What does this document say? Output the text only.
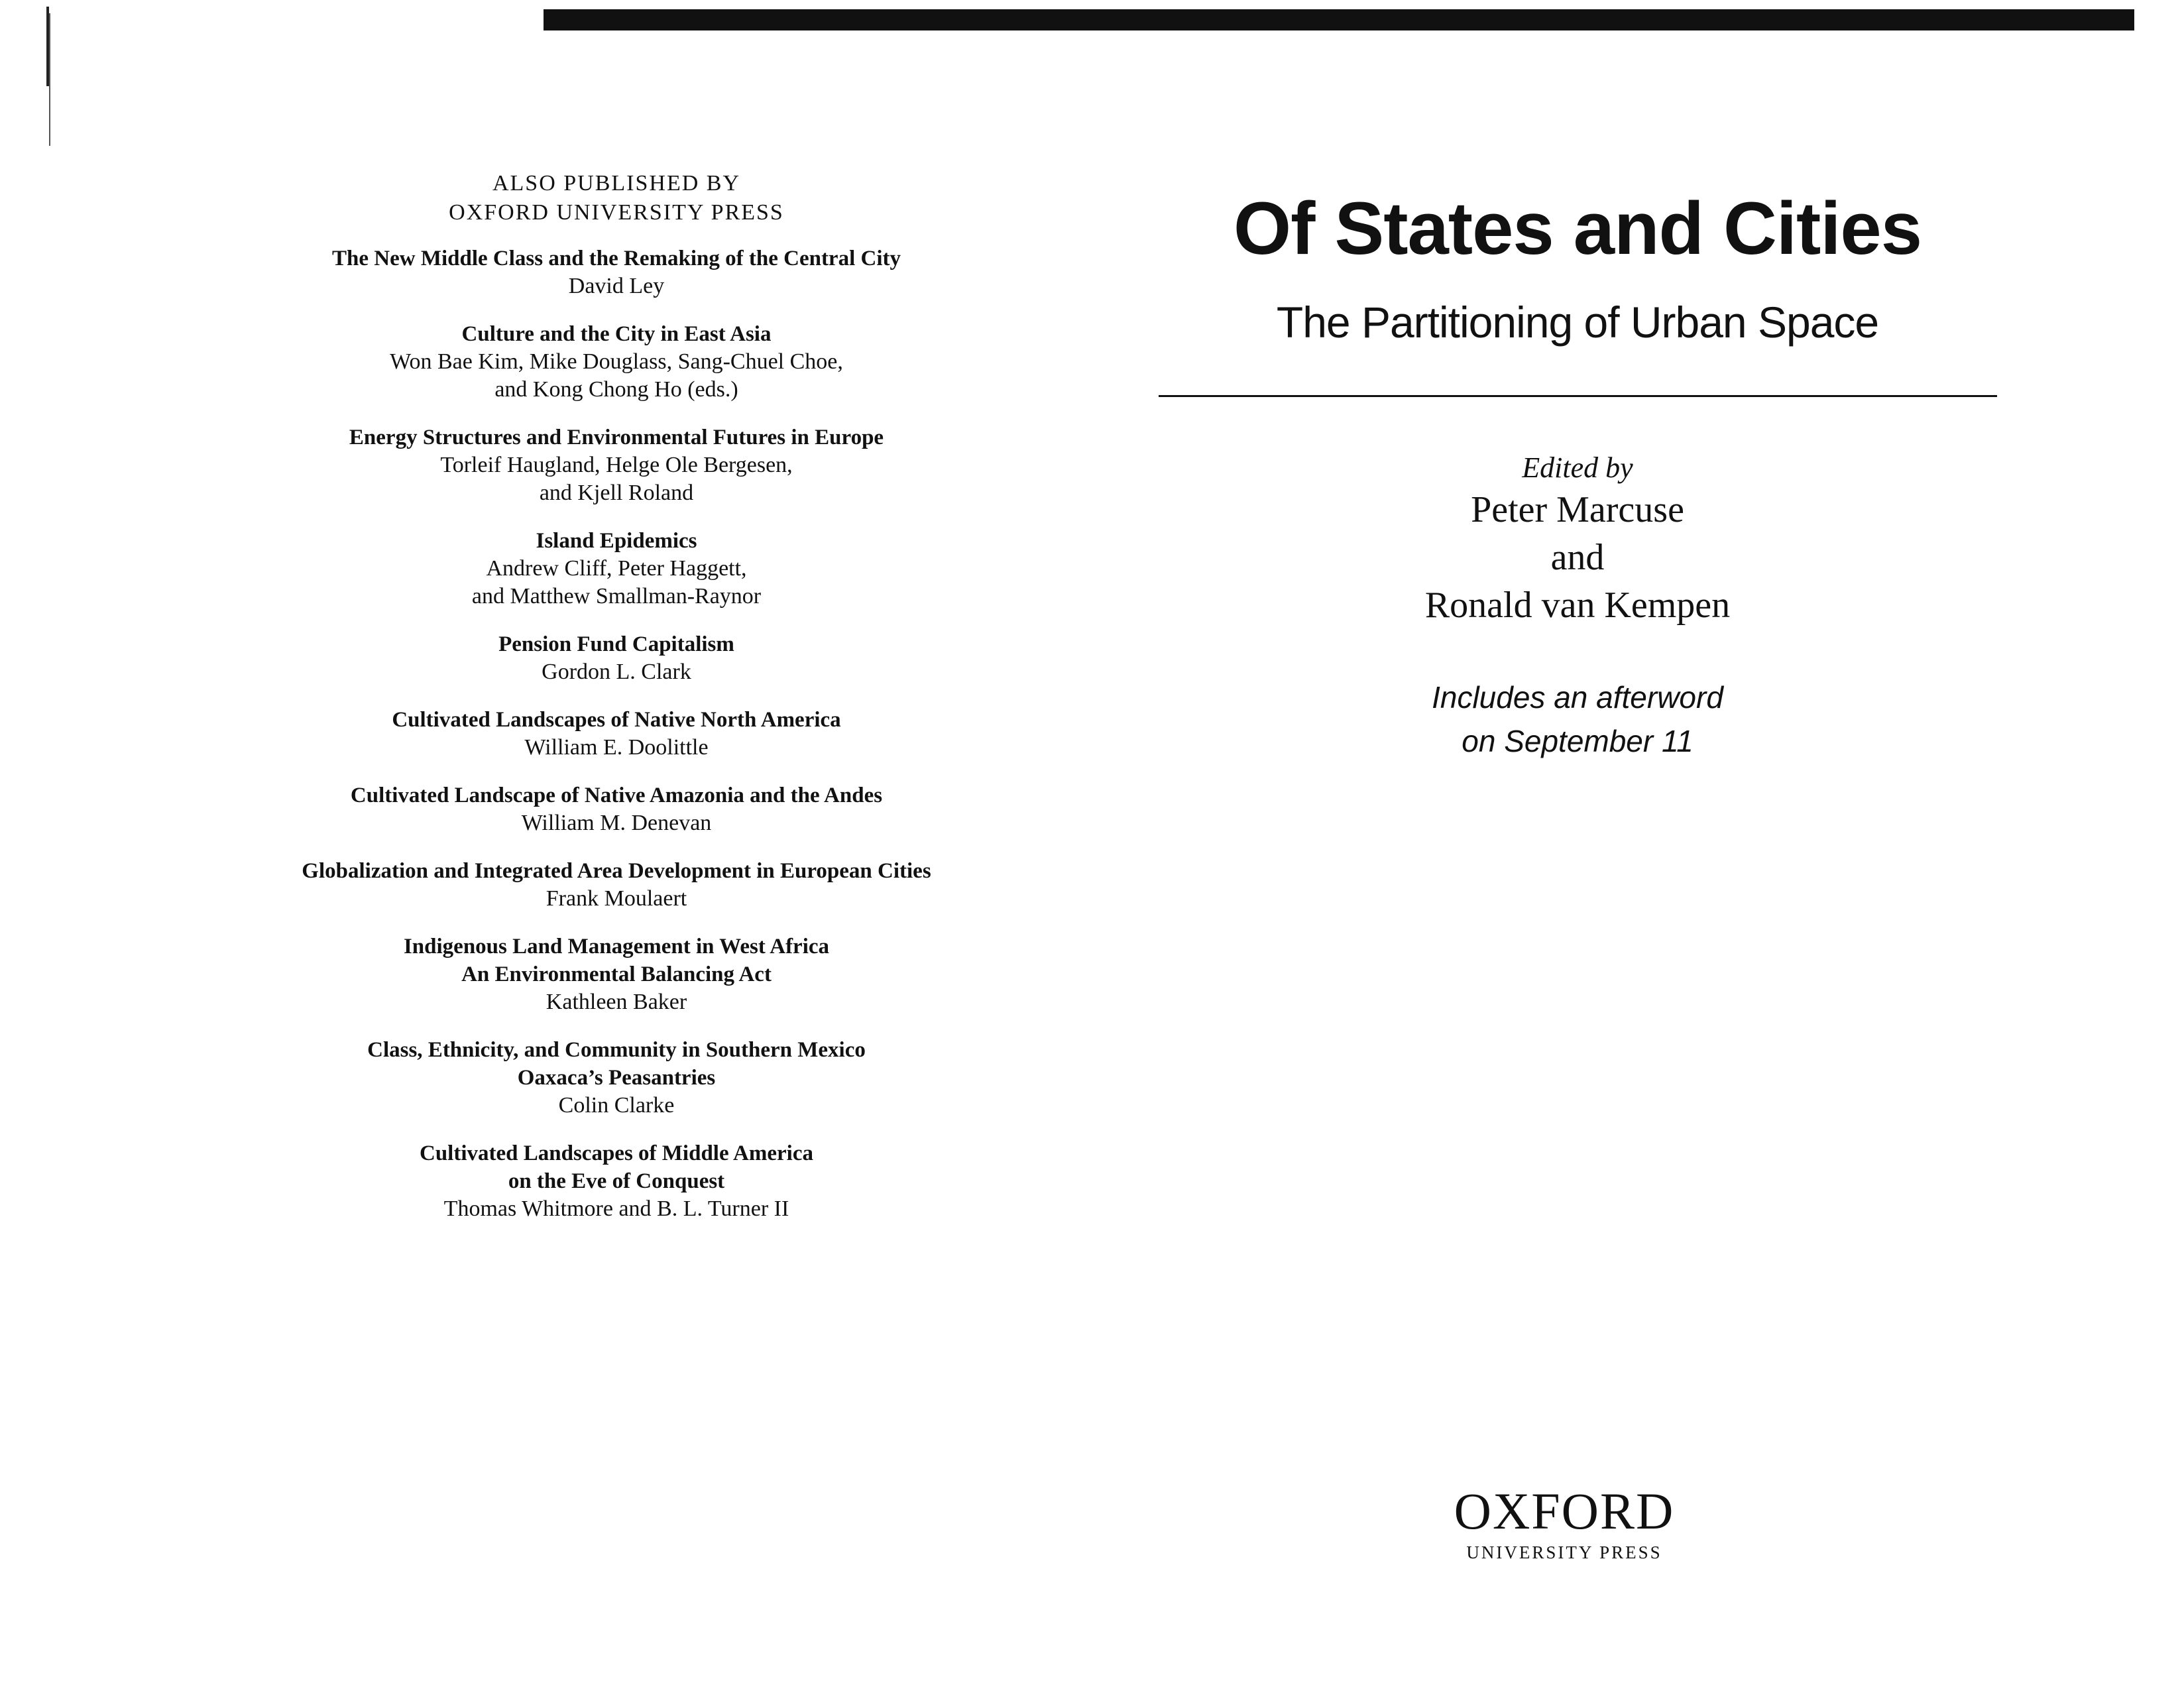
ALSO PUBLISHED BY
OXFORD UNIVERSITY PRESS
The New Middle Class and the Remaking of the Central City
David Ley
Culture and the City in East Asia
Won Bae Kim, Mike Douglass, Sang-Chuel Choe,
and Kong Chong Ho (eds.)
Energy Structures and Environmental Futures in Europe
Torleif Haugland, Helge Ole Bergesen,
and Kjell Roland
Island Epidemics
Andrew Cliff, Peter Haggett,
and Matthew Smallman-Raynor
Pension Fund Capitalism
Gordon L. Clark
Cultivated Landscapes of Native North America
William E. Doolittle
Cultivated Landscape of Native Amazonia and the Andes
William M. Denevan
Globalization and Integrated Area Development in European Cities
Frank Moulaert
Indigenous Land Management in West Africa
An Environmental Balancing Act
Kathleen Baker
Class, Ethnicity, and Community in Southern Mexico
Oaxaca’s Peasantries
Colin Clarke
Cultivated Landscapes of Middle America
on the Eve of Conquest
Thomas Whitmore and B. L. Turner II
Of States and Cities
The Partitioning of Urban Space
Edited by
Peter Marcuse
and
Ronald van Kempen
Includes an afterword
on September 11
OXFORD
UNIVERSITY PRESS
